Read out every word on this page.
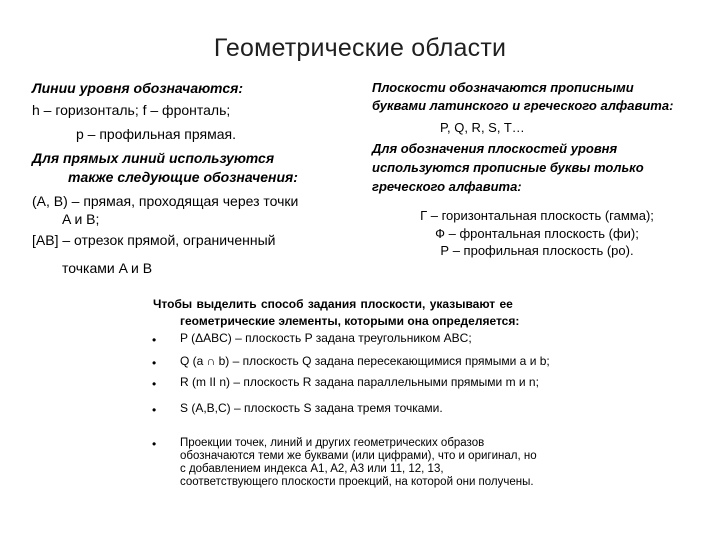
Геометрические области
Линии уровня обозначаются:
h – горизонталь; f – фронталь;
р – профильная прямая.
Для прямых линий используются
также следующие обозначения:
(A, B) – прямая, проходящая через точки
A и B;
[AB] – отрезок прямой, ограниченный
точками A и B
Плоскости обозначаются прописными
буквами латинского и греческого алфавита:
P, Q, R, S, T…
Для обозначения плоскостей уровня
используются прописные буквы только
греческого алфавита:
Г – горизонтальная плоскость (гамма);
Ф – фронтальная плоскость (фи);
Р – профильная плоскость (ро).
Чтобы выделить способ задания плоскости, указывают ее
геометрические элементы, которыми она определяется:
• P (ΔABC) – плоскость P задана треугольником ABC;
• Q (a ∩ b) – плоскость Q задана пересекающимися прямыми a и b;
• R (m II n) – плоскость R задана параллельными прямыми m и n;
• S (A,B,C) – плоскость S задана тремя точками.
• Проекции точек, линий и других геометрических образов
обозначаются теми же буквами (или цифрами), что и оригинал, но
с добавлением индекса A1, A2, A3 или 11, 12, 13,
соответствующего плоскости проекций, на которой они получены.
